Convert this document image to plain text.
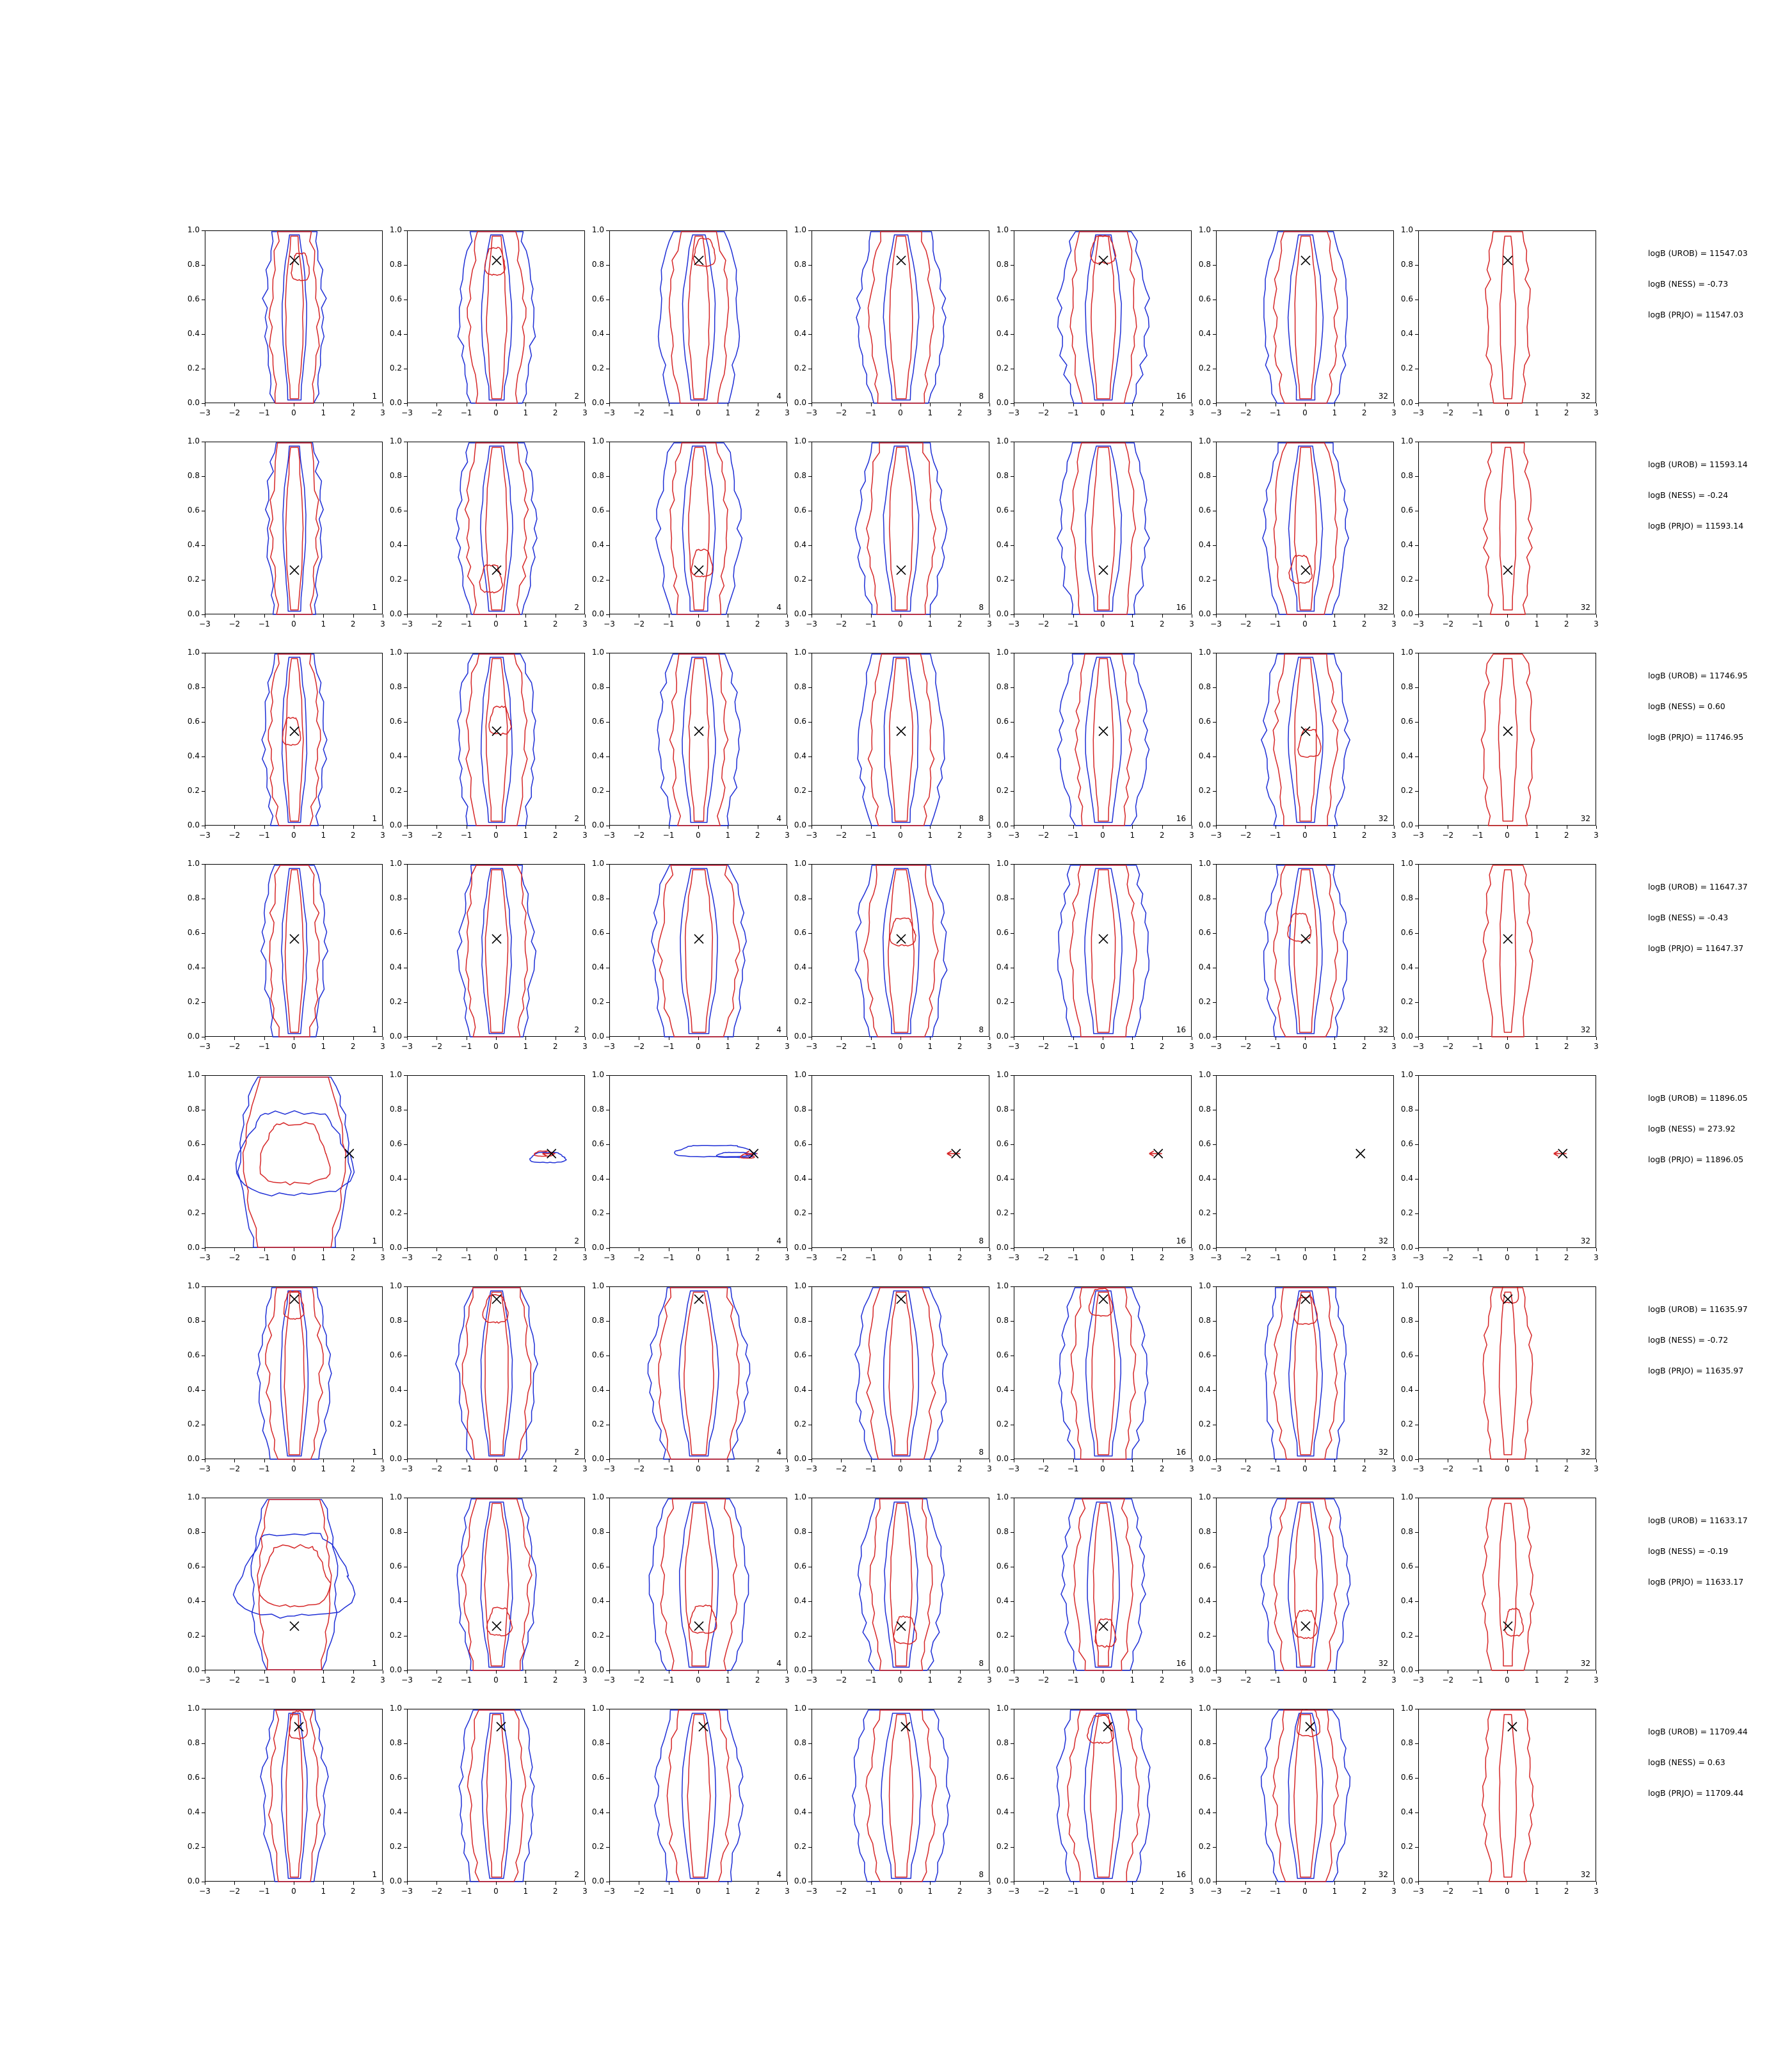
1
0.0
0.2
0.4
0.6
0.8
1.0
−3	−2	−1	0	1	2	3
2
0.0
0.2
0.4
0.6
0.8
1.0
−3	−2	−1	0	1	2	3
4
0.0
0.2
0.4
0.6
0.8
1.0
−3	−2	−1	0	1	2	3
8
0.0
0.2
0.4
0.6
0.8
1.0
−3	−2	−1	0	1	2	3
16
0.0
0.2
0.4
0.6
0.8
1.0
−3	−2	−1	0	1	2	3
32
0.0
0.2
0.4
0.6
0.8
1.0
−3	−2	−1	0	1	2	3
32
0.0
0.2
0.4
0.6
0.8
1.0
−3	−2	−1	0	1	2	3
logB (UROB) = 11547.03
logB (NESS) = -0.73
logB (PRJO) = 11547.03
1
0.0
0.2
0.4
0.6
0.8
1.0
−3	−2	−1	0	1	2	3
2
0.0
0.2
0.4
0.6
0.8
1.0
−3	−2	−1	0	1	2	3
4
0.0
0.2
0.4
0.6
0.8
1.0
−3	−2	−1	0	1	2	3
8
0.0
0.2
0.4
0.6
0.8
1.0
−3	−2	−1	0	1	2	3
16
0.0
0.2
0.4
0.6
0.8
1.0
−3	−2	−1	0	1	2	3
32
0.0
0.2
0.4
0.6
0.8
1.0
−3	−2	−1	0	1	2	3
32
0.0
0.2
0.4
0.6
0.8
1.0
−3	−2	−1	0	1	2	3
logB (UROB) = 11593.14
logB (NESS) = -0.24
logB (PRJO) = 11593.14
1
0.0
0.2
0.4
0.6
0.8
1.0
−3	−2	−1	0	1	2	3
2
0.0
0.2
0.4
0.6
0.8
1.0
−3	−2	−1	0	1	2	3
4
0.0
0.2
0.4
0.6
0.8
1.0
−3	−2	−1	0	1	2	3
8
0.0
0.2
0.4
0.6
0.8
1.0
−3	−2	−1	0	1	2	3
16
0.0
0.2
0.4
0.6
0.8
1.0
−3	−2	−1	0	1	2	3
32
0.0
0.2
0.4
0.6
0.8
1.0
−3	−2	−1	0	1	2	3
32
0.0
0.2
0.4
0.6
0.8
1.0
−3	−2	−1	0	1	2	3
logB (UROB) = 11746.95
logB (NESS) = 0.60
logB (PRJO) = 11746.95
1
0.0
0.2
0.4
0.6
0.8
1.0
−3	−2	−1	0	1	2	3
2
0.0
0.2
0.4
0.6
0.8
1.0
−3	−2	−1	0	1	2	3
4
0.0
0.2
0.4
0.6
0.8
1.0
−3	−2	−1	0	1	2	3
8
0.0
0.2
0.4
0.6
0.8
1.0
−3	−2	−1	0	1	2	3
16
0.0
0.2
0.4
0.6
0.8
1.0
−3	−2	−1	0	1	2	3
32
0.0
0.2
0.4
0.6
0.8
1.0
−3	−2	−1	0	1	2	3
32
0.0
0.2
0.4
0.6
0.8
1.0
−3	−2	−1	0	1	2	3
logB (UROB) = 11647.37
logB (NESS) = -0.43
logB (PRJO) = 11647.37
1
0.0
0.2
0.4
0.6
0.8
1.0
−3	−2	−1	0	1	2	3
2
0.0
0.2
0.4
0.6
0.8
1.0
−3	−2	−1	0	1	2	3
4
0.0
0.2
0.4
0.6
0.8
1.0
−3	−2	−1	0	1	2	3
8
0.0
0.2
0.4
0.6
0.8
1.0
−3	−2	−1	0	1	2	3
16
0.0
0.2
0.4
0.6
0.8
1.0
−3	−2	−1	0	1	2	3
32
0.0
0.2
0.4
0.6
0.8
1.0
−3	−2	−1	0	1	2	3
32
0.0
0.2
0.4
0.6
0.8
1.0
−3	−2	−1	0	1	2	3
logB (UROB) = 11896.05
logB (NESS) = 273.92
logB (PRJO) = 11896.05
1
0.0
0.2
0.4
0.6
0.8
1.0
−3	−2	−1	0	1	2	3
2
0.0
0.2
0.4
0.6
0.8
1.0
−3	−2	−1	0	1	2	3
4
0.0
0.2
0.4
0.6
0.8
1.0
−3	−2	−1	0	1	2	3
8
0.0
0.2
0.4
0.6
0.8
1.0
−3	−2	−1	0	1	2	3
16
0.0
0.2
0.4
0.6
0.8
1.0
−3	−2	−1	0	1	2	3
32
0.0
0.2
0.4
0.6
0.8
1.0
−3	−2	−1	0	1	2	3
32
0.0
0.2
0.4
0.6
0.8
1.0
−3	−2	−1	0	1	2	3
logB (UROB) = 11635.97
logB (NESS) = -0.72
logB (PRJO) = 11635.97
1
0.0
0.2
0.4
0.6
0.8
1.0
−3	−2	−1	0	1	2	3
2
0.0
0.2
0.4
0.6
0.8
1.0
−3	−2	−1	0	1	2	3
4
0.0
0.2
0.4
0.6
0.8
1.0
−3	−2	−1	0	1	2	3
8
0.0
0.2
0.4
0.6
0.8
1.0
−3	−2	−1	0	1	2	3
16
0.0
0.2
0.4
0.6
0.8
1.0
−3	−2	−1	0	1	2	3
32
0.0
0.2
0.4
0.6
0.8
1.0
−3	−2	−1	0	1	2	3
32
0.0
0.2
0.4
0.6
0.8
1.0
−3	−2	−1	0	1	2	3
logB (UROB) = 11633.17
logB (NESS) = -0.19
logB (PRJO) = 11633.17
1
0.0
0.2
0.4
0.6
0.8
1.0
−3	−2	−1	0	1	2	3
2
0.0
0.2
0.4
0.6
0.8
1.0
−3	−2	−1	0	1	2	3
4
0.0
0.2
0.4
0.6
0.8
1.0
−3	−2	−1	0	1	2	3
8
0.0
0.2
0.4
0.6
0.8
1.0
−3	−2	−1	0	1	2	3
16
0.0
0.2
0.4
0.6
0.8
1.0
−3	−2	−1	0	1	2	3
32
0.0
0.2
0.4
0.6
0.8
1.0
−3	−2	−1	0	1	2	3
32
0.0
0.2
0.4
0.6
0.8
1.0
−3	−2	−1	0	1	2	3
logB (UROB) = 11709.44
logB (NESS) = 0.63
logB (PRJO) = 11709.44
